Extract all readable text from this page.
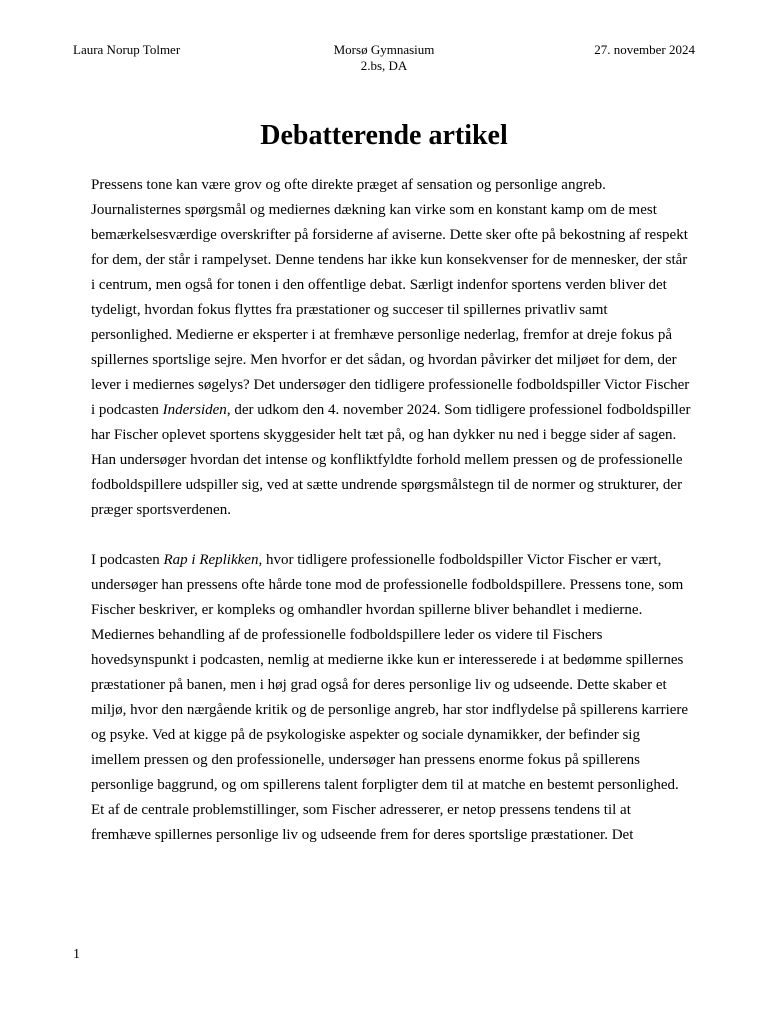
Laura Norup Tolmer	Morsø Gymnasium
2.bs, DA
27. november 2024
Debatterende artikel

Pressens tone kan være grov og ofte direkte præget af sensation og personlige angreb. Journalisternes spørgsmål og mediernes dækning kan virke som en konstant kamp om de mest bemærkelsesværdige overskrifter på forsiderne af aviserne. Dette sker ofte på bekostning af respekt for dem, der står i rampelyset. Denne tendens har ikke kun konsekvenser for de mennesker, der står i centrum, men også for tonen i den offentlige debat. Særligt indenfor sportens verden bliver det tydeligt, hvordan fokus flyttes fra præstationer og succeser til spillernes privatliv samt personlighed. Medierne er eksperter i at fremhæve personlige nederlag, fremfor at dreje fokus på spillernes sportslige sejre. Men hvorfor er det sådan, og hvordan påvirker det miljøet for dem, der lever i mediernes søgelys? Det undersøger den tidligere professionelle fodboldspiller Victor Fischer i podcasten Indersiden, der udkom den 4. november 2024. Som tidligere professionel fodboldspiller har Fischer oplevet sportens skyggesider helt tæt på, og han dykker nu ned i begge sider af sagen. Han undersøger hvordan det intense og konfliktfyldte forhold mellem pressen og de professionelle fodboldspillere udspiller sig, ved at sætte undrende spørgsmålstegn til de normer og strukturer, der præger sportsverdenen.

I podcasten Rap i Replikken, hvor tidligere professionelle fodboldspiller Victor Fischer er vært, undersøger han pressens ofte hårde tone mod de professionelle fodboldspillere. Pressens tone, som Fischer beskriver, er kompleks og omhandler hvordan spillerne bliver behandlet i medierne. Mediernes behandling af de professionelle fodboldspillere leder os videre til Fischers hovedsynspunkt i podcasten, nemlig at medierne ikke kun er interesserede i at bedømme spillernes præstationer på banen, men i høj grad også for deres personlige liv og udseende. Dette skaber et miljø, hvor den nærgående kritik og de personlige angreb, har stor indflydelse på spillerens karriere og psyke. Ved at kigge på de psykologiske aspekter og sociale dynamikker, der befinder sig imellem pressen og den professionelle, undersøger han pressens enorme fokus på spillerens personlige baggrund, og om spillerens talent forpligter dem til at matche en bestemt personlighed.

Et af de centrale problemstillinger, som Fischer adresserer, er netop pressens tendens til at fremhæve spillernes personlige liv og udseende frem for deres sportslige præstationer. Det

1
